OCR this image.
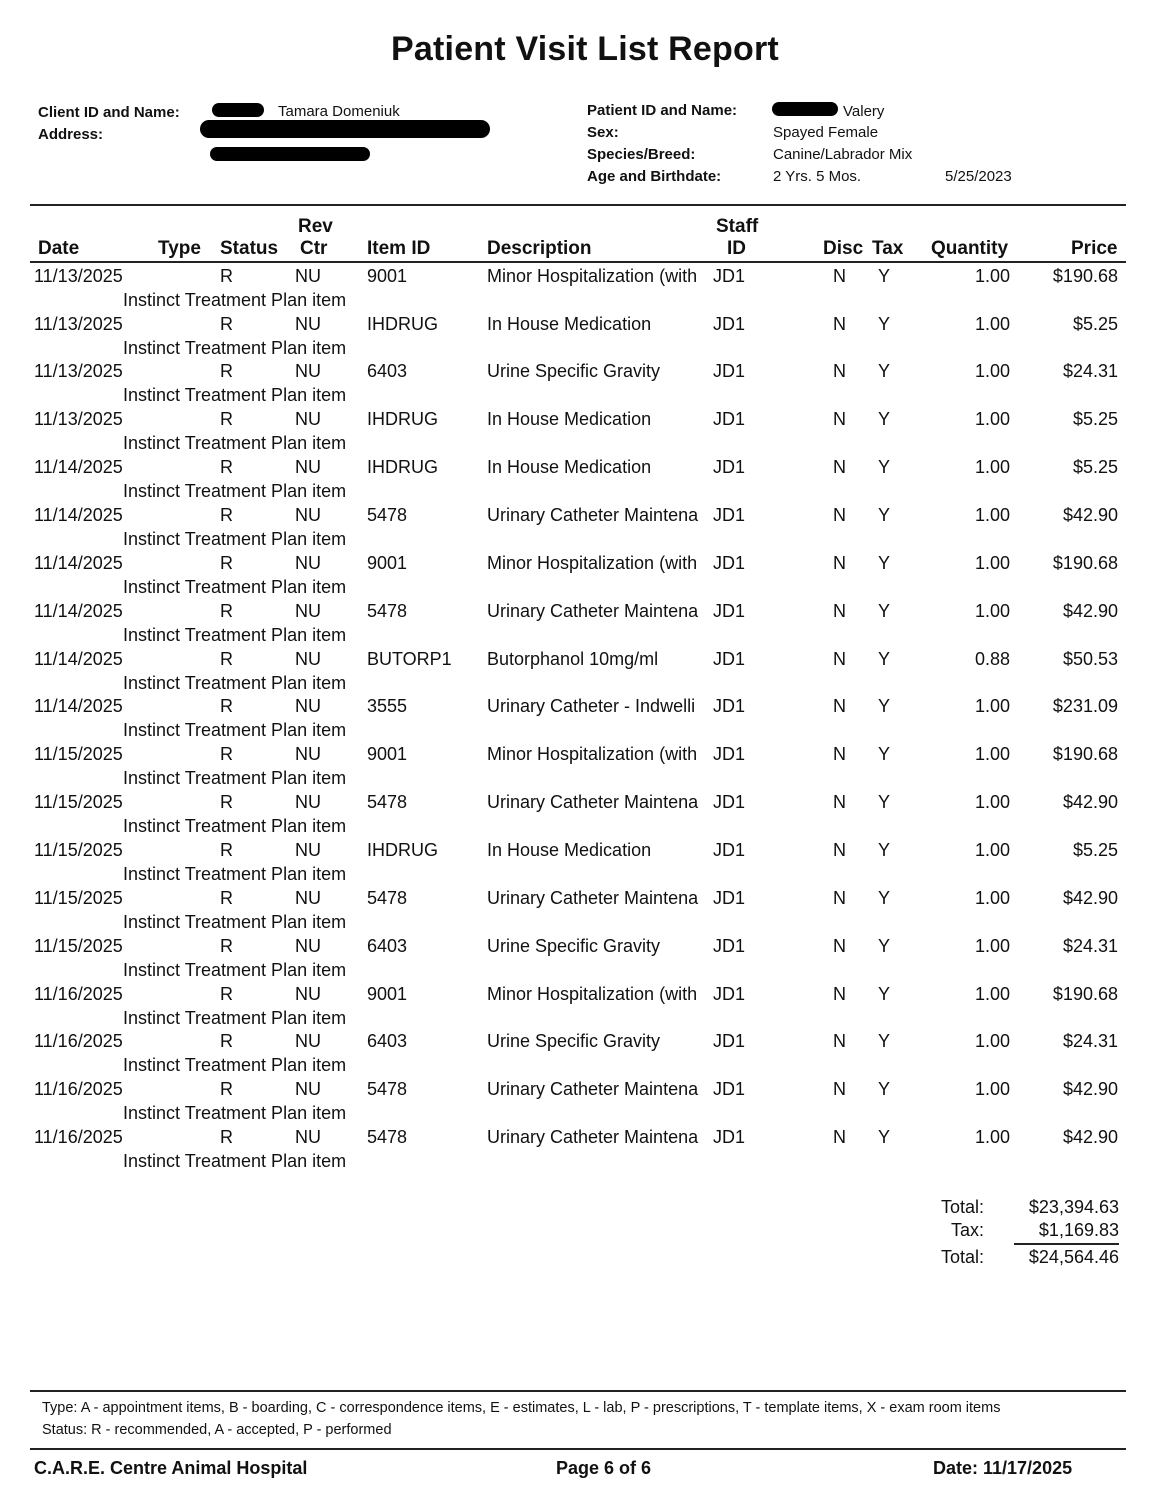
Patient Visit List Report
Client ID and Name:
Address:
Tamara Domeniuk	Patient ID and Name:	Valery
Sex:	Spayed Female
Species/Breed:	Canine/Labrador Mix
Age and Birthdate:	2 Yrs. 5 Mos.	5/25/2023
Date	Type Status
Rev
Ctr Item ID	Description
Staff
ID	Disc Tax Quantity	Price
11/13/2025	R	NU	9001	Minor Hospitalization (with JD1	N Y	1.00 $190.68
Instinct Treatment Plan item
11/13/2025	R	NU	IHDRUG	In House Medication	JD1	N Y	1.00	$5.25
Instinct Treatment Plan item
11/13/2025	R	NU	6403	Urine Specific Gravity	JD1	N Y	1.00	$24.31
Instinct Treatment Plan item
11/13/2025	R	NU	IHDRUG	In House Medication	JD1	N Y	1.00	$5.25
Instinct Treatment Plan item
11/14/2025	R	NU	IHDRUG	In House Medication	JD1	N Y	1.00	$5.25
Instinct Treatment Plan item
11/14/2025	R	NU	5478	Urinary Catheter Maintena JD1	N Y	1.00	$42.90
Instinct Treatment Plan item
11/14/2025	R	NU	9001	Minor Hospitalization (with JD1	N Y	1.00 $190.68
Instinct Treatment Plan item
11/14/2025	R	NU	5478	Urinary Catheter Maintena JD1	N Y	1.00	$42.90
Instinct Treatment Plan item
11/14/2025	R	NU	BUTORP1 Butorphanol 10mg/ml	JD1	N Y	0.88	$50.53
Instinct Treatment Plan item
11/14/2025	R	NU	3555	Urinary Catheter - Indwelli JD1	N Y	1.00 $231.09
Instinct Treatment Plan item
11/15/2025	R	NU	9001	Minor Hospitalization (with JD1	N Y	1.00 $190.68
Instinct Treatment Plan item
11/15/2025	R	NU	5478	Urinary Catheter Maintena JD1	N Y	1.00	$42.90
Instinct Treatment Plan item
11/15/2025	R	NU	IHDRUG	In House Medication	JD1	N Y	1.00	$5.25
Instinct Treatment Plan item
11/15/2025	R	NU	5478	Urinary Catheter Maintena JD1	N Y	1.00	$42.90
Instinct Treatment Plan item
11/15/2025	R	NU	6403	Urine Specific Gravity	JD1	N Y	1.00	$24.31
Instinct Treatment Plan item
11/16/2025	R	NU	9001	Minor Hospitalization (with JD1	N Y	1.00 $190.68
Instinct Treatment Plan item
11/16/2025	R	NU	6403	Urine Specific Gravity	JD1	N Y	1.00	$24.31
Instinct Treatment Plan item
11/16/2025	R	NU	5478	Urinary Catheter Maintena JD1	N Y	1.00	$42.90
Instinct Treatment Plan item
11/16/2025	R	NU	5478	Urinary Catheter Maintena JD1	N Y	1.00	$42.90
Instinct Treatment Plan item
Total:	$23,394.63
Tax:	$1,169.83
Total:	$24,564.46
Type: A - appointment items, B - boarding, C - correspondence items, E - estimates, L - lab, P - prescriptions, T - template items, X - exam room items
Status: R - recommended, A - accepted, P - performed
C.A.R.E. Centre Animal Hospital	Page 6 of 6	Date: 11/17/2025
